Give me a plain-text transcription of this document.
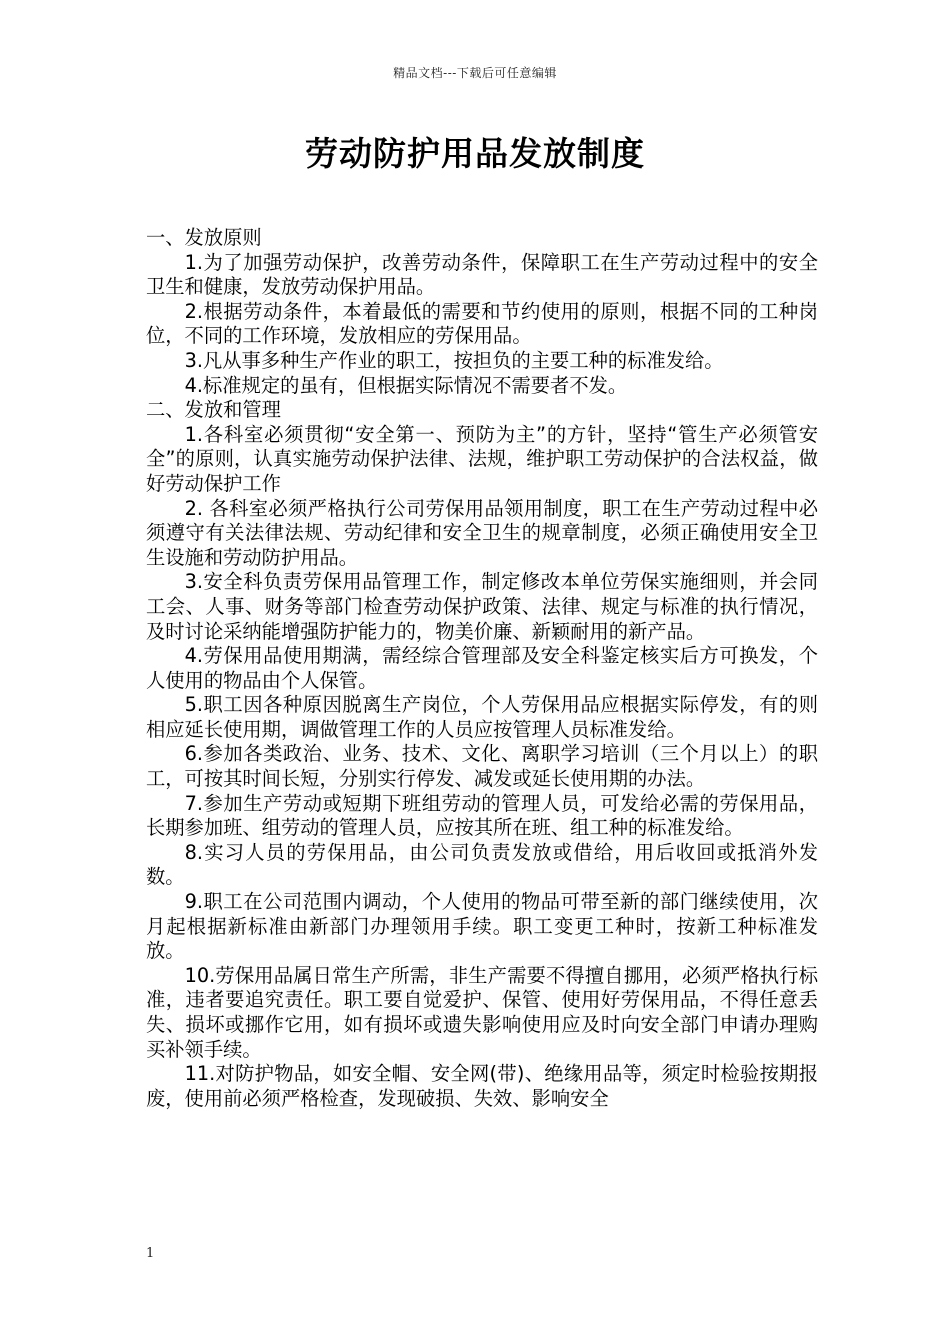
精品文档---下载后可任意编辑
劳动防护用品发放制度

一、发放原则

1.为了加强劳动保护，改善劳动条件，保障职工在生产劳动过程中的安全卫生和健康，发放劳动保护用品。

2.根据劳动条件，本着最低的需要和节约使用的原则，根据不同的工种岗位，不同的工作环境，发放相应的劳保用品。

3.凡从事多种生产作业的职工，按担负的主要工种的标准发给。

4.标准规定的虽有，但根据实际情况不需要者不发。

二、发放和管理

1.各科室必须贯彻“安全第一、预防为主”的方针，坚持“管生产必须管安全”的原则，认真实施劳动保护法律、法规，维护职工劳动保护的合法权益，做好劳动保护工作

2. 各科室必须严格执行公司劳保用品领用制度，职工在生产劳动过程中必须遵守有关法律法规、劳动纪律和安全卫生的规章制度，必须正确使用安全卫生设施和劳动防护用品。

3.安全科负责劳保用品管理工作，制定修改本单位劳保实施细则，并会同工会、人事、财务等部门检查劳动保护政策、法律、规定与标准的执行情况，及时讨论采纳能增强防护能力的，物美价廉、新颖耐用的新产品。

4.劳保用品使用期满，需经综合管理部及安全科鉴定核实后方可换发，个人使用的物品由个人保管。

5.职工因各种原因脱离生产岗位，个人劳保用品应根据实际停发，有的则相应延长使用期，调做管理工作的人员应按管理人员标准发给。

6.参加各类政治、业务、技术、文化、离职学习培训（三个月以上）的职工，可按其时间长短，分别实行停发、减发或延长使用期的办法。

7.参加生产劳动或短期下班组劳动的管理人员，可发给必需的劳保用品，长期参加班、组劳动的管理人员，应按其所在班、组工种的标准发给。

8.实习人员的劳保用品，由公司负责发放或借给，用后收回或抵消外发数。

9.职工在公司范围内调动，个人使用的物品可带至新的部门继续使用，次月起根据新标准由新部门办理领用手续。职工变更工种时，按新工种标准发放。

10.劳保用品属日常生产所需，非生产需要不得擅自挪用，必须严格执行标准，违者要追究责任。职工要自觉爱护、保管、使用好劳保用品，不得任意丢失、损坏或挪作它用，如有损坏或遗失影响使用应及时向安全部门申请办理购买补领手续。

11.对防护物品，如安全帽、安全网(带)、绝缘用品等，须定时检验按期报废，使用前必须严格检查，发现破损、失效、影响安全

1
